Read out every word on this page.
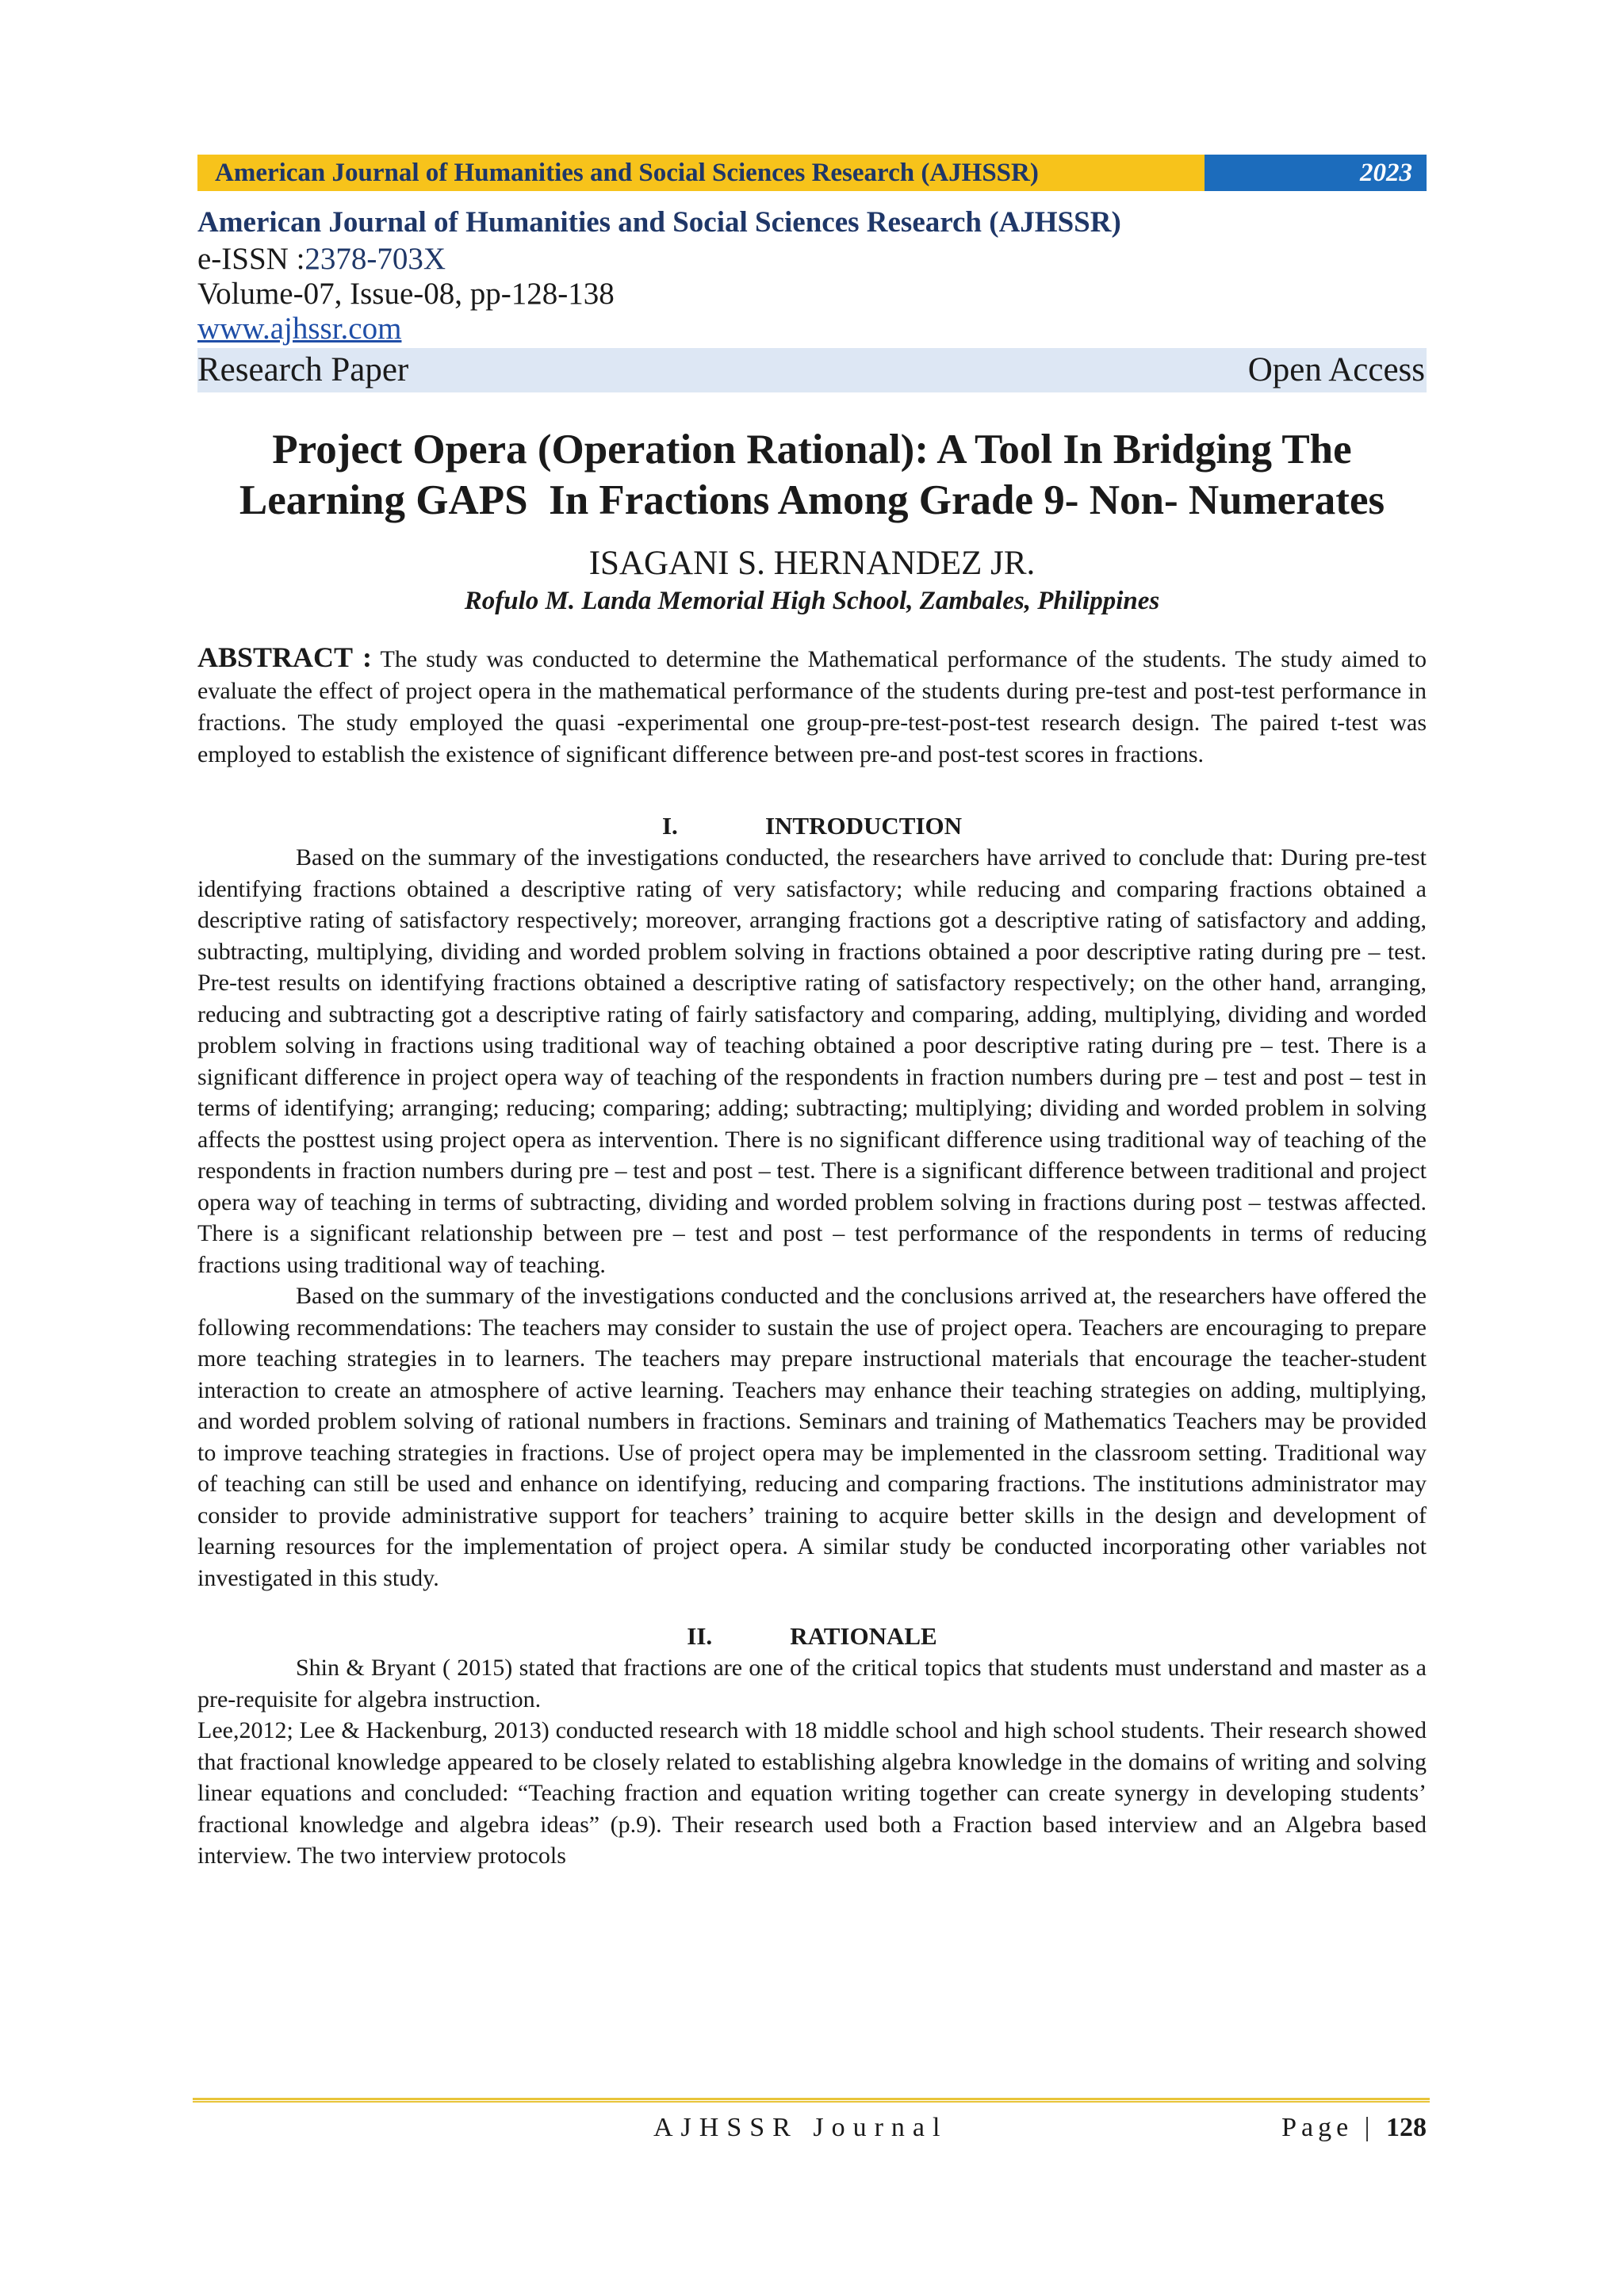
American Journal of Humanities and Social Sciences Research (AJHSSR)	2023
American Journal of Humanities and Social Sciences Research (AJHSSR)
e-ISSN :2378-703X
Volume-07, Issue-08, pp-128-138
www.ajhssr.com
Research Paper	Open Access
Project Opera (Operation Rational): A Tool In Bridging The
Learning GAPS  In Fractions Among Grade 9- Non- Numerates
ISAGANI S. HERNANDEZ JR.
Rofulo M. Landa Memorial High School, Zambales, Philippines
ABSTRACT : The study was conducted to determine the Mathematical performance of the students. The study aimed to evaluate the effect of project opera in the mathematical performance of the students during pre-test and post-test performance in fractions. The study employed the quasi -experimental one group-pre-test-post-test research design. The paired t-test was employed to establish the existence of significant difference between pre-and post-test scores in fractions.
I.	INTRODUCTION

Based on the summary of the investigations conducted, the researchers have arrived to conclude that: During pre-test identifying fractions obtained a descriptive rating of very satisfactory; while reducing and comparing fractions obtained a descriptive rating of satisfactory respectively; moreover, arranging fractions got a descriptive rating of satisfactory and adding, subtracting, multiplying, dividing and worded problem solving in fractions obtained a poor descriptive rating during pre – test. Pre-test results on identifying fractions obtained a descriptive rating of satisfactory respectively; on the other hand, arranging, reducing and subtracting got a descriptive rating of fairly satisfactory and comparing, adding, multiplying, dividing and worded problem solving in fractions using traditional way of teaching obtained a poor descriptive rating during pre – test. There is a significant difference in project opera way of teaching of the respondents in fraction numbers during pre – test and post – test in terms of identifying; arranging; reducing; comparing; adding; subtracting; multiplying; dividing and worded problem in solving affects the posttest using project opera as intervention. There is no significant difference using traditional way of teaching of the respondents in fraction numbers during pre – test and post – test. There is a significant difference between traditional and project opera way of teaching in terms of subtracting, dividing and worded problem solving in fractions during post – testwas affected. There is a significant relationship between pre – test and post – test performance of the respondents in terms of reducing fractions using traditional way of teaching.

Based on the summary of the investigations conducted and the conclusions arrived at, the researchers have offered the following recommendations: The teachers may consider to sustain the use of project opera. Teachers are encouraging to prepare more teaching strategies in to learners. The teachers may prepare instructional materials that encourage the teacher-student interaction to create an atmosphere of active learning. Teachers may enhance their teaching strategies on adding, multiplying, and worded problem solving of rational numbers in fractions. Seminars and training of Mathematics Teachers may be provided to improve teaching strategies in fractions. Use of project opera may be implemented in the classroom setting. Traditional way of teaching can still be used and enhance on identifying, reducing and comparing fractions. The institutions administrator may consider to provide administrative support for teachers’ training to acquire better skills in the design and development of learning resources for the implementation of project opera. A similar study be conducted incorporating other variables not investigated in this study.

II.	RATIONALE

Shin & Bryant ( 2015) stated that fractions are one of the critical topics that students must understand and master as a pre-requisite for algebra instruction.

Lee,2012; Lee & Hackenburg, 2013) conducted research with 18 middle school and high school students. Their research showed that fractional knowledge appeared to be closely related to establishing algebra knowledge in the domains of writing and solving linear equations and concluded: “Teaching fraction and equation writing together can create synergy in developing students’ fractional knowledge and algebra ideas” (p.9). Their research used both a Fraction based interview and an Algebra based interview. The two interview protocols

AJHSSR Journal	Page | 128
